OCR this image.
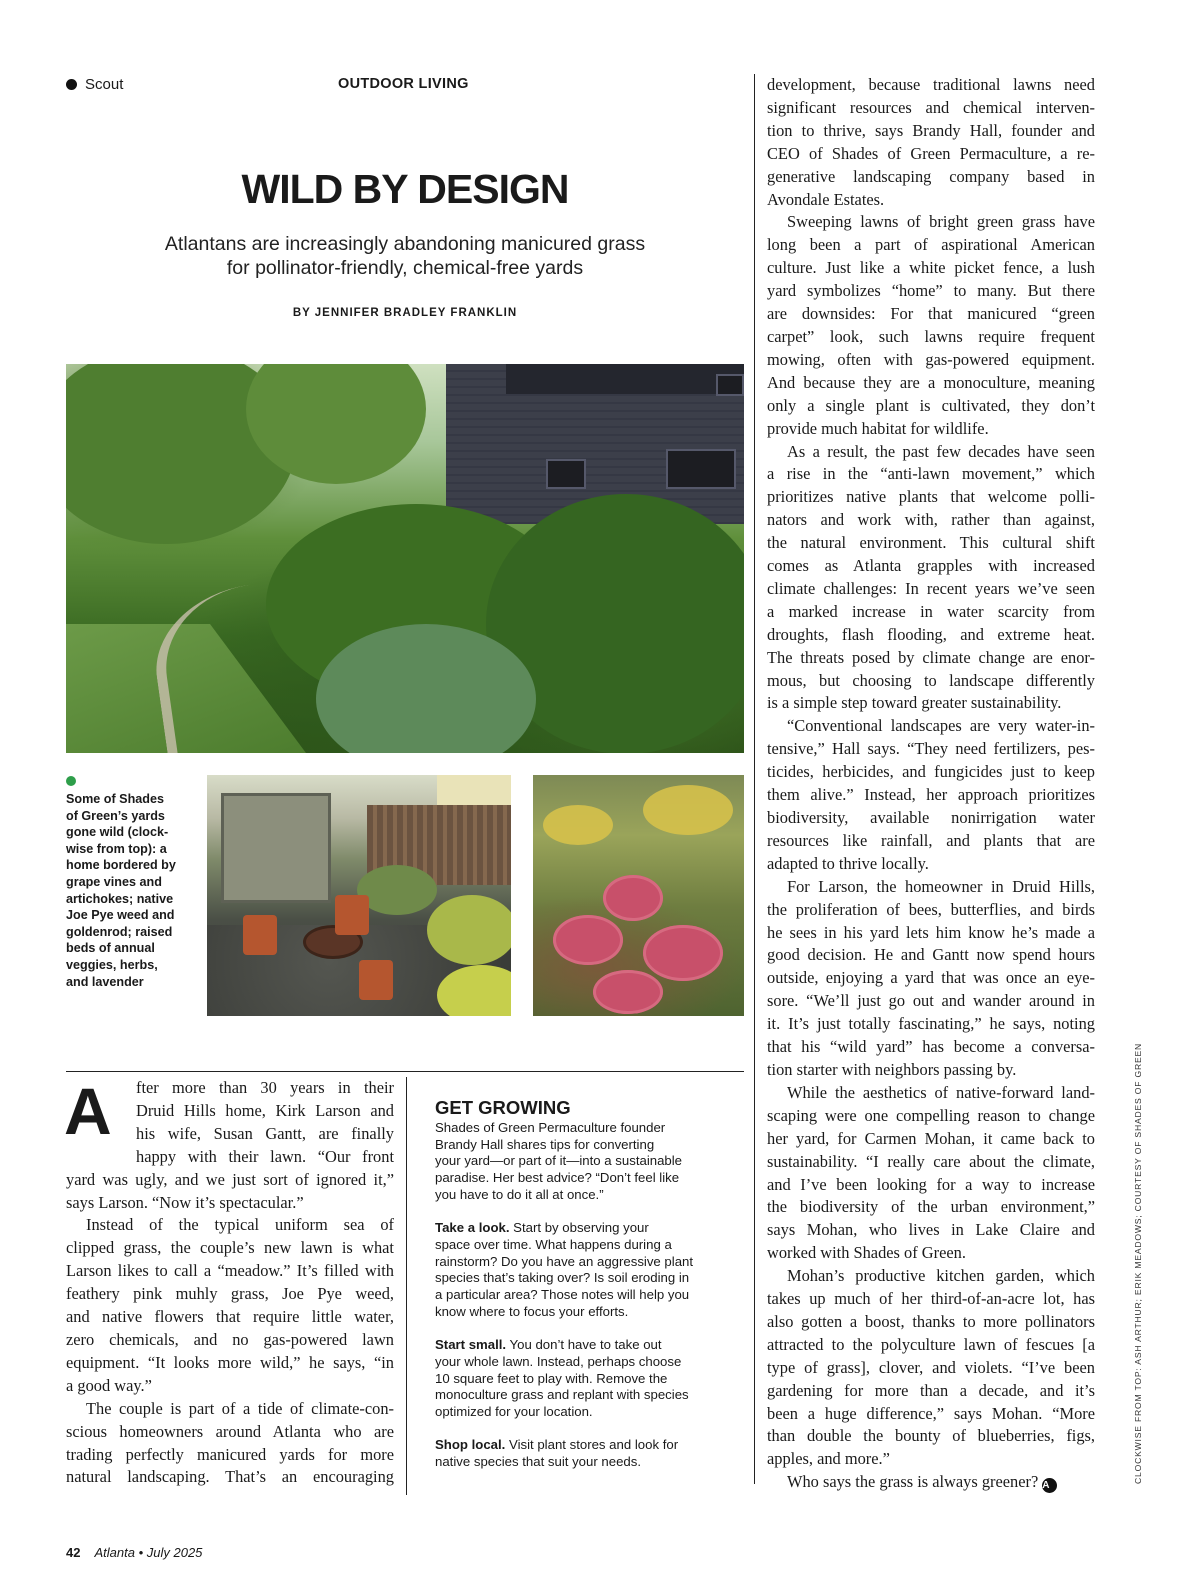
Scout	OUTDOOR LIVING
WILD BY DESIGN
Atlantans are increasingly abandoning manicured grass
for pollinator-friendly, chemical-free yards
BY JENNIFER BRADLEY FRANKLIN
Some of Shades
of Green’s yards
gone wild (clock-
wise from top): a
home bordered by
grape vines and
artichokes; native
Joe Pye weed and
goldenrod; raised
beds of annual
veggies, herbs,
and lavender
A	fter more than 30 years in their
Druid Hills home, Kirk Larson and
his wife, Susan Gantt, are finally
happy with their lawn. “Our front
yard was ugly, and we just sort of ignored it,”
says Larson. “Now it’s spectacular.”
Instead of the typical uniform sea of
clipped grass, the couple’s new lawn is what
Larson likes to call a “meadow.” It’s filled with
feathery pink muhly grass, Joe Pye weed,
and native flowers that require little water,
zero chemicals, and no gas-powered lawn
equipment. “It looks more wild,” he says, “in
a good way.”
The couple is part of a tide of climate-con-
scious homeowners around Atlanta who are
trading perfectly manicured yards for more
natural landscaping. That’s an encouraging
GET GROWING
Shades of Green Permaculture founder
Brandy Hall shares tips for converting
your yard—or part of it—into a sustainable
paradise. Her best advice? “Don’t feel like
you have to do it all at once.”
Take a look. Start by observing your
space over time. What happens during a
rainstorm? Do you have an aggressive plant
species that’s taking over? Is soil eroding in
a particular area? Those notes will help you
know where to focus your efforts.
Start small. You don’t have to take out
your whole lawn. Instead, perhaps choose
10 square feet to play with. Remove the
monoculture grass and replant with species
optimized for your location.
Shop local. Visit plant stores and look for
native species that suit your needs.
development, because traditional lawns need
significant resources and chemical interven-
tion to thrive, says Brandy Hall, founder and
CEO of Shades of Green Permaculture, a re-
generative landscaping company based in
Avondale Estates.
Sweeping lawns of bright green grass have
long been a part of aspirational American
culture. Just like a white picket fence, a lush
yard symbolizes “home” to many. But there
are downsides: For that manicured “green
carpet” look, such lawns require frequent
mowing, often with gas-powered equipment.
And because they are a monoculture, meaning
only a single plant is cultivated, they don’t
provide much habitat for wildlife.
As a result, the past few decades have seen
a rise in the “anti-lawn movement,” which
prioritizes native plants that welcome polli-
nators and work with, rather than against,
the natural environment. This cultural shift
comes as Atlanta grapples with increased
climate challenges: In recent years we’ve seen
a marked increase in water scarcity from
droughts, flash flooding, and extreme heat.
The threats posed by climate change are enor-
mous, but choosing to landscape differently
is a simple step toward greater sustainability.
“Conventional landscapes are very water-in-
tensive,” Hall says. “They need fertilizers, pes-
ticides, herbicides, and fungicides just to keep
them alive.” Instead, her approach prioritizes
biodiversity, available nonirrigation water
resources like rainfall, and plants that are
adapted to thrive locally.
For Larson, the homeowner in Druid Hills,
the proliferation of bees, butterflies, and birds
he sees in his yard lets him know he’s made a
good decision. He and Gantt now spend hours
outside, enjoying a yard that was once an eye-
sore. “We’ll just go out and wander around in
it. It’s just totally fascinating,” he says, noting
that his “wild yard” has become a conversa-
tion starter with neighbors passing by.
While the aesthetics of native-forward land-
scaping were one compelling reason to change
her yard, for Carmen Mohan, it came back to
sustainability. “I really care about the climate,
and I’ve been looking for a way to increase
the biodiversity of the urban environment,”
says Mohan, who lives in Lake Claire and
worked with Shades of Green.
Mohan’s productive kitchen garden, which
takes up much of her third-of-an-acre lot, has
also gotten a boost, thanks to more pollinators
attracted to the polyculture lawn of fescues [a
type of grass], clover, and violets. “I’ve been
gardening for more than a decade, and it’s
been a huge difference,” says Mohan. “More
than double the bounty of blueberries, figs,
apples, and more.”
Who says the grass is always greener? A
CLOCKWISE FROM TOP: ASH ARTHUR; ERIK MEADOWS; COURTESY OF SHADES OF GREEN
42 Atlanta • July 2025
